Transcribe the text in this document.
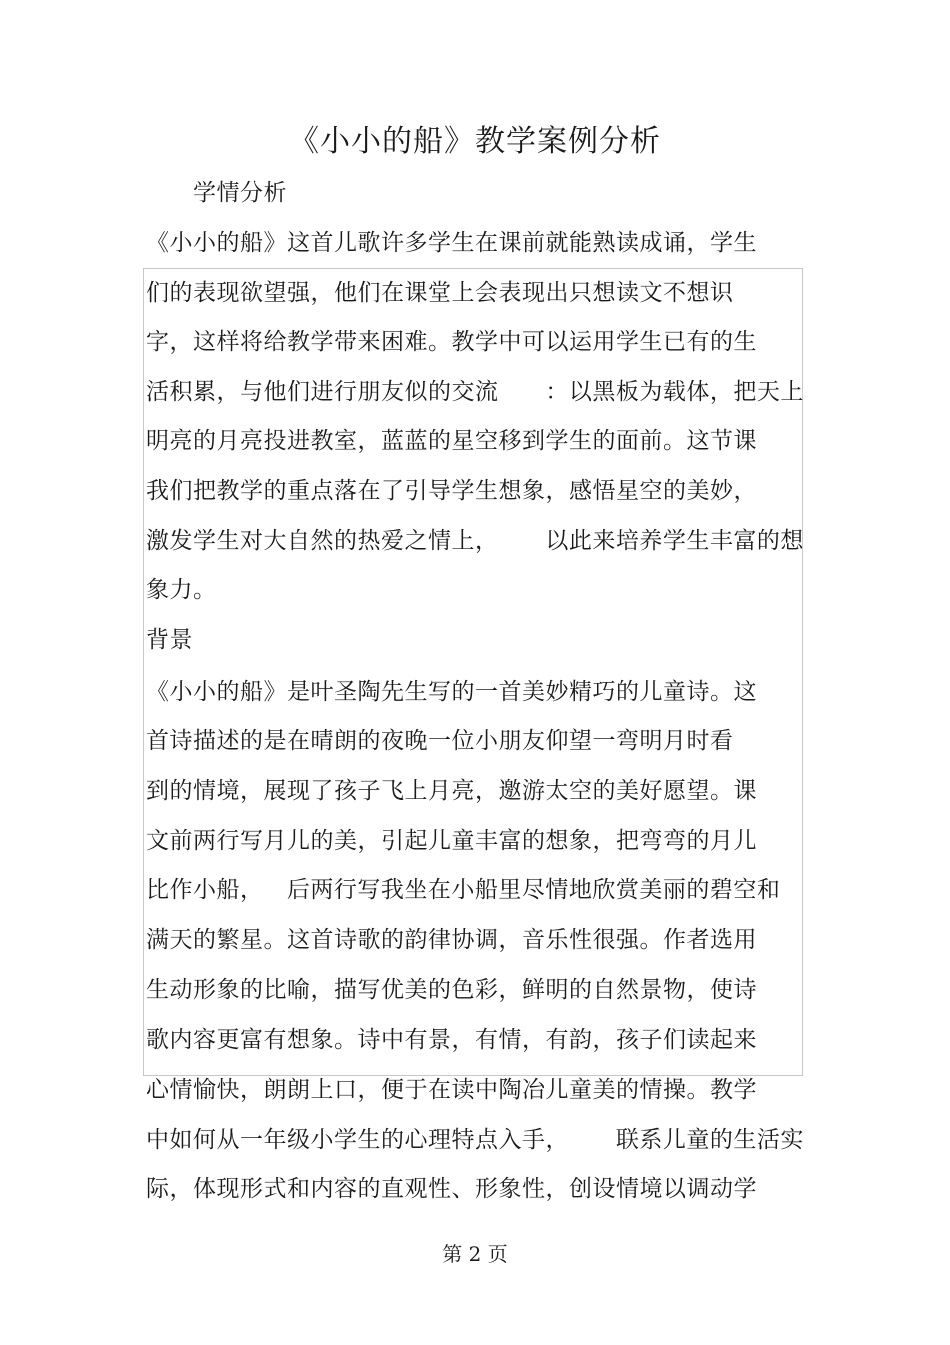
《小小的船》教学案例分析
学情分析
《小小的船》这首儿歌许多学生在课前就能熟读成诵，学生
们的表现欲望强，他们在课堂上会表现出只想读文不想识
字，这样将给教学带来困难。教学中可以运用学生已有的生
活积累，与他们进行朋友似的交流      ：以黑板为载体，把天上
明亮的月亮投进教室，蓝蓝的星空移到学生的面前。这节课
我们把教学的重点落在了引导学生想象，感悟星空的美妙，
激发学生对大自然的热爱之情上，      以此来培养学生丰富的想
象力。
背景
《小小的船》是叶圣陶先生写的一首美妙精巧的儿童诗。这
首诗描述的是在晴朗的夜晚一位小朋友仰望一弯明月时看
到的情境，展现了孩子飞上月亮，邀游太空的美好愿望。课
文前两行写月儿的美，引起儿童丰富的想象，把弯弯的月儿
比作小船，   后两行写我坐在小船里尽情地欣赏美丽的碧空和
满天的繁星。这首诗歌的韵律协调，音乐性很强。作者选用
生动形象的比喻，描写优美的色彩，鲜明的自然景物，使诗
歌内容更富有想象。诗中有景，有情，有韵，孩子们读起来
心情愉快，朗朗上口，便于在读中陶冶儿童美的情操。教学
中如何从一年级小学生的心理特点入手，      联系儿童的生活实
际，体现形式和内容的直观性、形象性，创设情境以调动学
第 2 页
